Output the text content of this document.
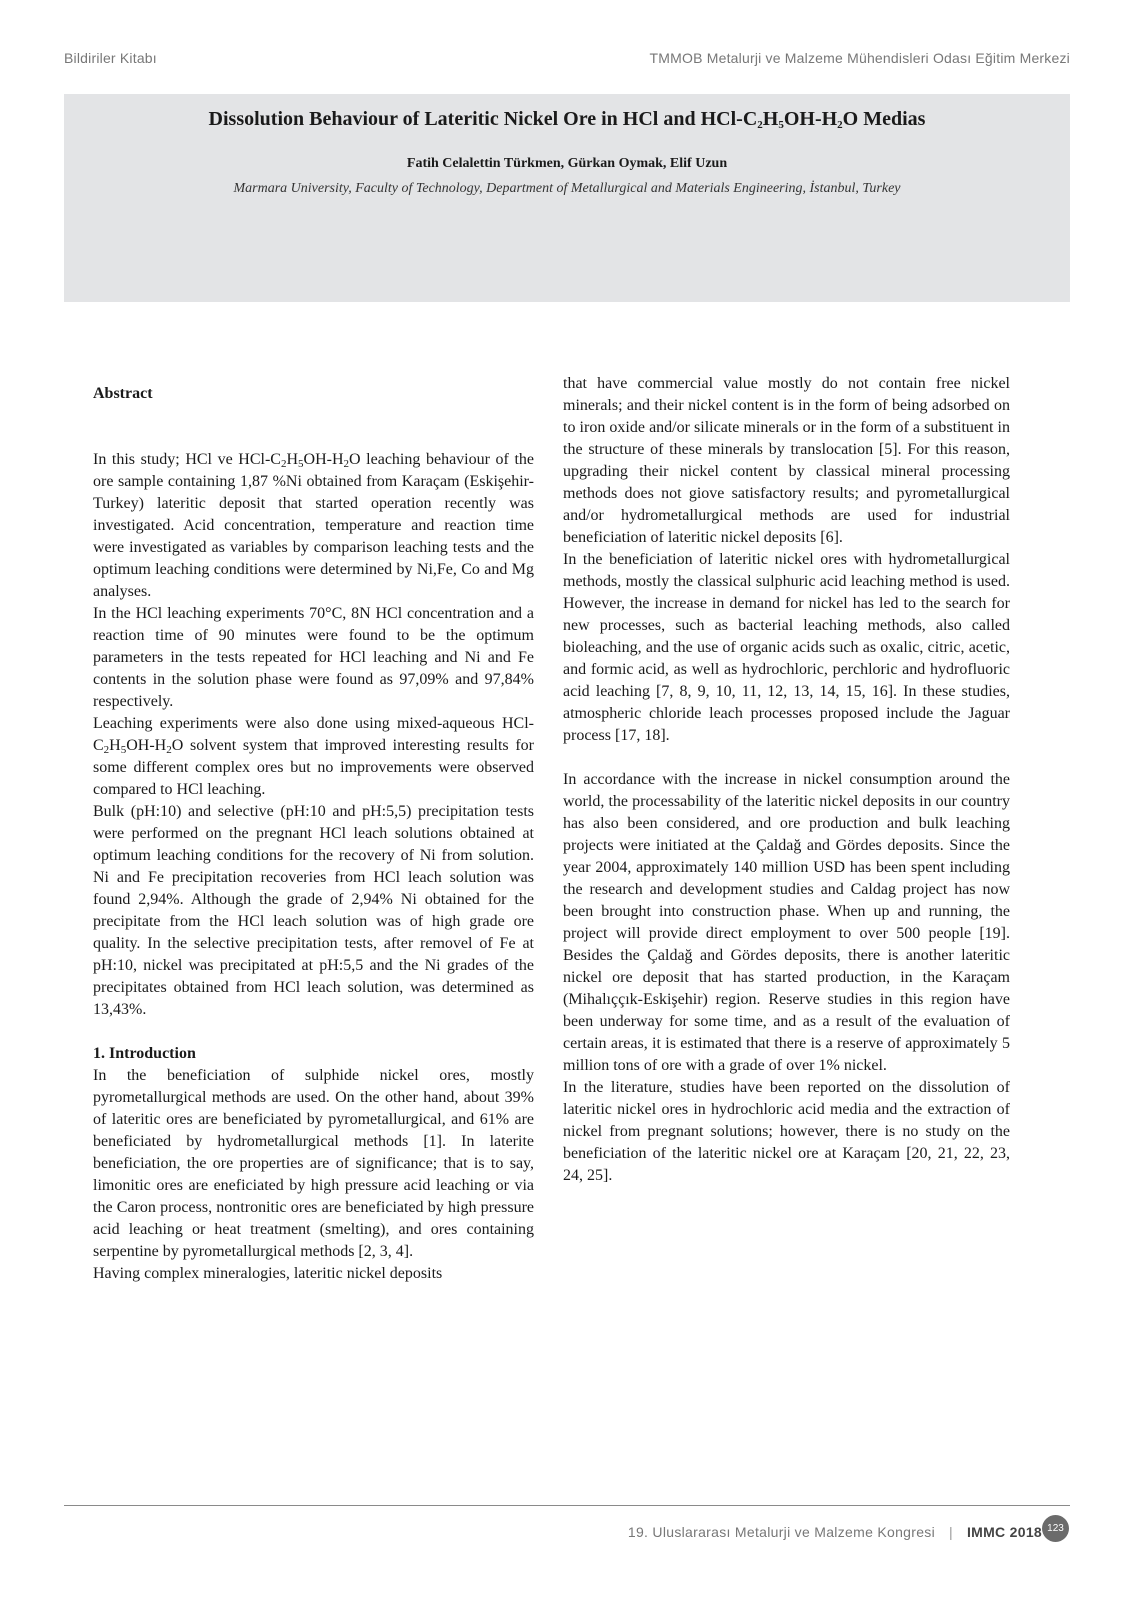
Bildiriler Kitabı	TMMOB Metalurji ve Malzeme Mühendisleri Odası Eğitim Merkezi
Dissolution Behaviour of Lateritic Nickel Ore in HCl and HCl-$C_2H_5OH-H_2O$ Medias
Fatih Celalettin Türkmen, Gürkan Oymak, Elif Uzun
Marmara University, Faculty of Technology, Department of Metallurgical and Materials Engineering, İstanbul, Turkey
Abstract

In this study; HCl ve HCl-$C_2H_5OH-H_2O$ leaching behaviour of the ore sample containing 1,87 %Ni obtained from Karaçam (Eskişehir-Turkey) lateritic deposit that started operation recently was investigated. Acid concentration, temperature and reaction time were investigated as variables by comparison leaching tests and the optimum leaching conditions were determined by Ni,Fe, Co and Mg analyses.

In the HCl leaching experiments 70°C, 8N HCl concentration and a reaction time of 90 minutes were found to be the optimum parameters in the tests repeated for HCl leaching and Ni and Fe contents in the solution phase were found as 97,09% and 97,84% respectively.

Leaching experiments were also done using mixed-aqueous HCl-$C_2H_5OH-H_2O$ solvent system that improved interesting results for some different complex ores but no improvements were observed compared to HCl leaching.

Bulk (pH:10) and selective (pH:10 and pH:5,5) precipitation tests were performed on the pregnant HCl leach solutions obtained at optimum leaching conditions for the recovery of Ni from solution. Ni and Fe precipitation recoveries from HCl leach solution was found 2,94%. Although the grade of 2,94% Ni obtained for the precipitate from the HCl leach solution was of high grade ore quality. In the selective precipitation tests, after removel of Fe at pH:10, nickel was precipitated at pH:5,5 and the Ni grades of the precipitates obtained from HCl leach solution, was determined as 13,43%.

1. Introduction

In the beneficiation of sulphide nickel ores, mostly pyrometallurgical methods are used. On the other hand, about 39% of lateritic ores are beneficiated by pyrometallurgical, and 61% are beneficiated by hydrometallurgical methods [1]. In laterite beneficiation, the ore properties are of significance; that is to say, limonitic ores are eneficiated by high pressure acid leaching or via the Caron process, nontronitic ores are beneficiated by high pressure acid leaching or heat treatment (smelting), and ores containing serpentine by pyrometallurgical methods [2, 3, 4].

Having complex mineralogies, lateritic nickel deposits

that have commercial value mostly do not contain free nickel minerals; and their nickel content is in the form of being adsorbed on to iron oxide and/or silicate minerals or in the form of a substituent in the structure of these minerals by translocation [5]. For this reason, upgrading their nickel content by classical mineral processing methods does not giove satisfactory results; and pyrometallurgical and/or hydrometallurgical methods are used for industrial beneficiation of lateritic nickel deposits [6].

In the beneficiation of lateritic nickel ores with hydrometallurgical methods, mostly the classical sulphuric acid leaching method is used. However, the increase in demand for nickel has led to the search for new processes, such as bacterial leaching methods, also called bioleaching, and the use of organic acids such as oxalic, citric, acetic, and formic acid, as well as hydrochloric, perchloric and hydrofluoric acid leaching [7, 8, 9, 10, 11, 12, 13, 14, 15, 16]. In these studies, atmospheric chloride leach processes proposed include the Jaguar process [17, 18].

In accordance with the increase in nickel consumption around the world, the processability of the lateritic nickel deposits in our country has also been considered, and ore production and bulk leaching projects were initiated at the Çaldağ and Gördes deposits. Since the year 2004, approximately 140 million USD has been spent including the research and development studies and Caldag project has now been brought into construction phase. When up and running, the project will provide direct employment to over 500 people [19]. Besides the Çaldağ and Gördes deposits, there is another lateritic nickel ore deposit that has started production, in the Karaçam (Mihalıççık-Eskişehir) region. Reserve studies in this region have been underway for some time, and as a result of the evaluation of certain areas, it is estimated that there is a reserve of approximately 5 million tons of ore with a grade of over 1% nickel.

In the literature, studies have been reported on the dissolution of lateritic nickel ores in hydrochloric acid media and the extraction of nickel from pregnant solutions; however, there is no study on the beneficiation of the lateritic nickel ore at Karaçam [20, 21, 22, 23, 24, 25].

19. Uluslararası Metalurji ve Malzeme Kongresi | IMMC 2018 123
